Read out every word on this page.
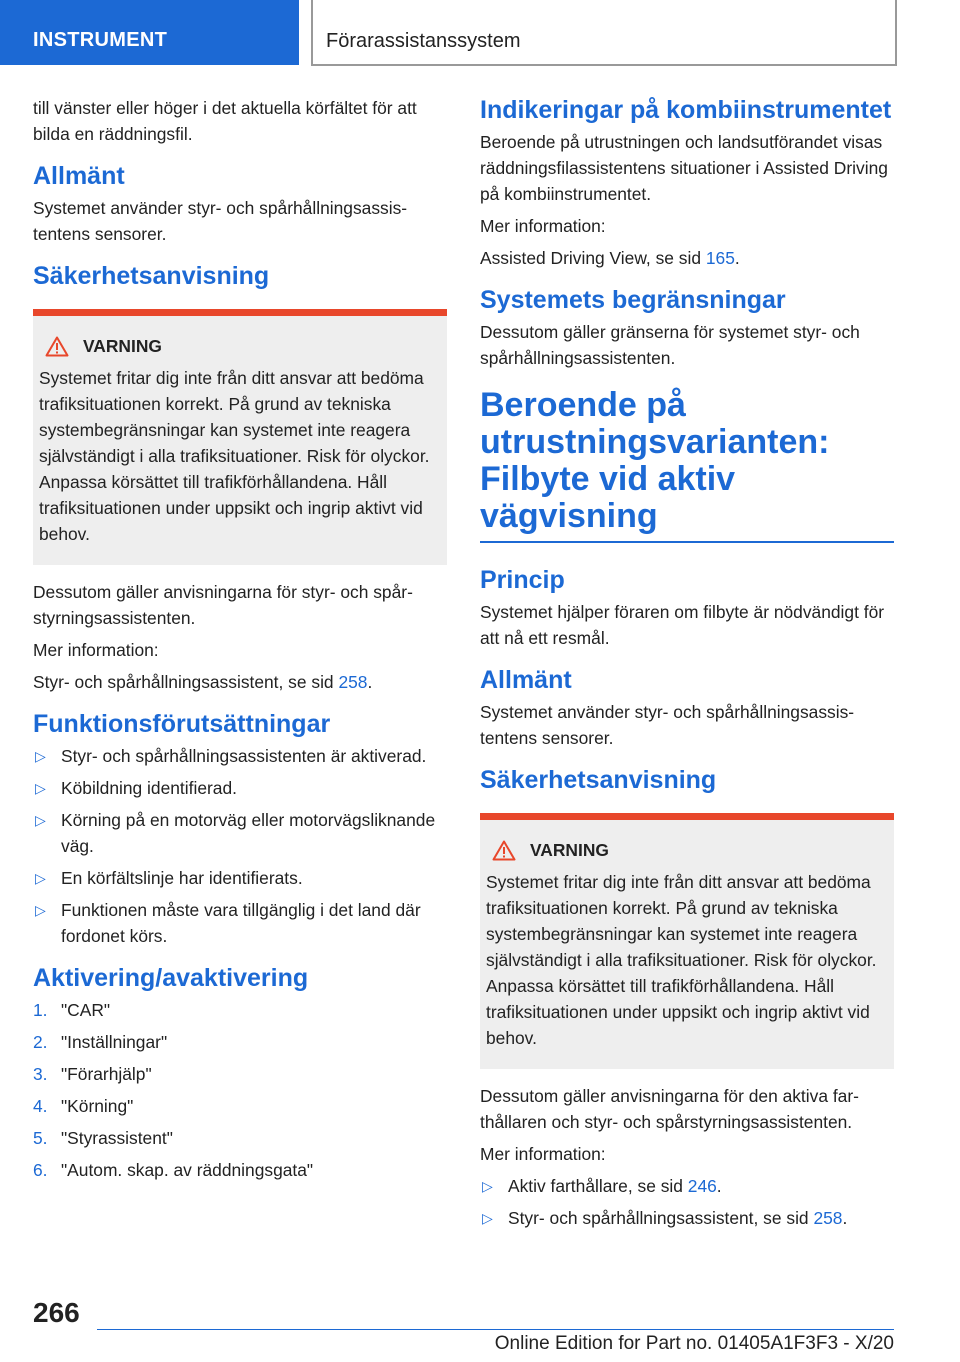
INSTRUMENT	Förarassistanssystem

till vänster eller höger i det aktuella körfältet för att bilda en räddningsfil.

Allmänt

Systemet använder styr- och spårhållningsassistentens sensorer.

Säkerhetsanvisning
VARNING

Systemet fritar dig inte från ditt ansvar att bedöma trafiksituationen korrekt. På grund av tekniska systembegränsningar kan systemet inte reagera självständigt i alla trafiksituationer. Risk för olyckor. Anpassa körsättet till trafikförhållandena. Håll trafiksituationen under uppsikt och ingrip aktivt vid behov.

Dessutom gäller anvisningarna för styr- och spårstyrningsassistenten.

Mer information:

Styr- och spårhållningsassistent, se sid 258.

Funktionsförutsättningar
▷ Styr- och spårhållningsassistenten är aktiverad.
▷ Köbildning identifierad.
▷ Körning på en motorväg eller motorvägsliknande väg.
▷ En körfältslinje har identifierats.
▷ Funktionen måste vara tillgänglig i det land där fordonet körs.
Aktivering/avaktivering
1. "CAR"
2. "Inställningar"
3. "Förarhjälp"
4. "Körning"
5. "Styrassistent"
6. "Autom. skap. av räddningsgata"
Indikeringar på kombiinstrumentet

Beroende på utrustningen och landsutförandet visas räddningsfilassistentens situationer i Assisted Driving på kombiinstrumentet.

Mer information:

Assisted Driving View, se sid 165.

Systemets begränsningar

Dessutom gäller gränserna för systemet styr- och spårhållningsassistenten.

Beroende på utrustningsvarianten: Filbyte vid aktiv vägvisning
Princip

Systemet hjälper föraren om filbyte är nödvändigt för att nå ett resmål.

Allmänt

Systemet använder styr- och spårhållningsassistentens sensorer.

Säkerhetsanvisning
VARNING

Systemet fritar dig inte från ditt ansvar att bedöma trafiksituationen korrekt. På grund av tekniska systembegränsningar kan systemet inte reagera självständigt i alla trafiksituationer. Risk för olyckor. Anpassa körsättet till trafikförhållandena. Håll trafiksituationen under uppsikt och ingrip aktivt vid behov.

Dessutom gäller anvisningarna för den aktiva farthållaren och styr- och spårstyrningsassistenten.

Mer information:

▷ Aktiv farthållare, se sid 246.
▷ Styr- och spårhållningsassistent, se sid 258.
266
Online Edition for Part no. 01405A1F3F3 - X/20
